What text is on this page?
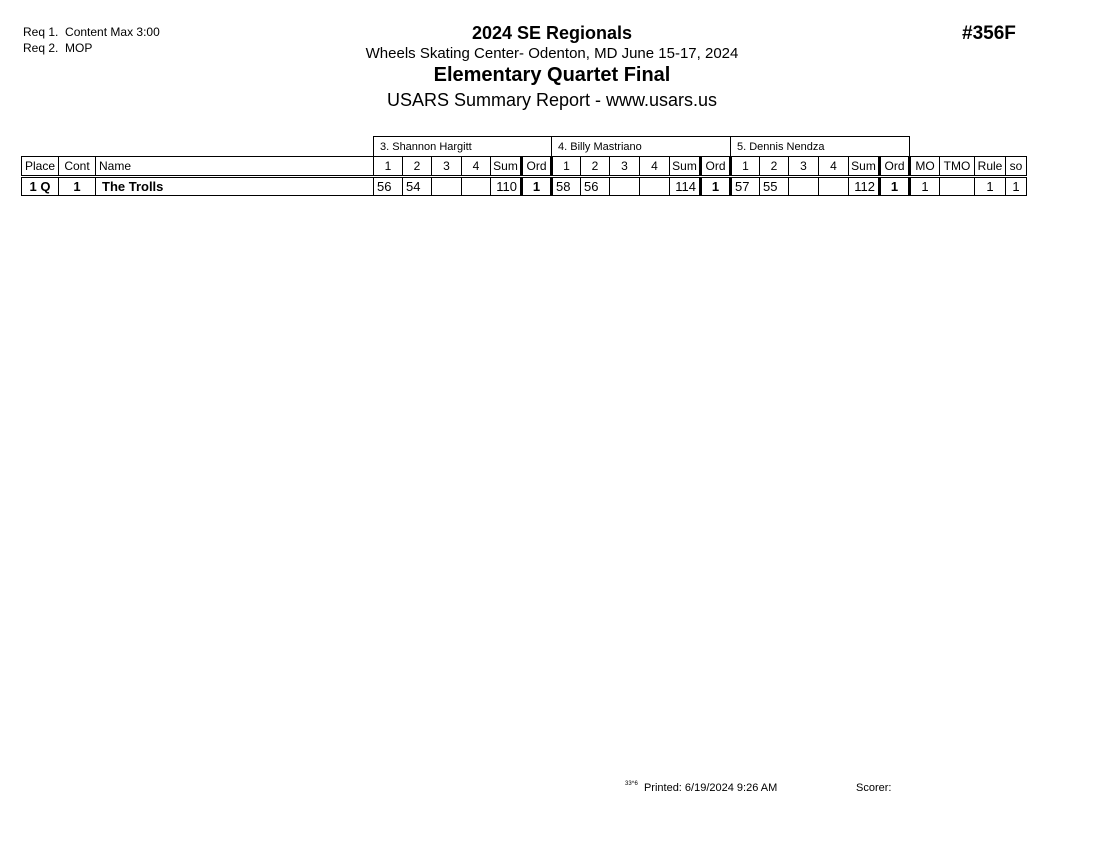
Req 1. Content Max 3:00
Req 2. MOP
2024 SE Regionals
Wheels Skating Center- Odenton, MD June 15-17, 2024
Elementary Quartet Final
USARS Summary Report - www.usars.us
#356F
			3. Shannon Hargitt						4. Billy Mastriano						5. Dennis Nendza									
Place	Cont	Name	1	2	3	4	Sum	Ord	1	2	3	4	Sum	Ord	1	2	3	4	Sum	Ord	MO	TMO	Rule	so
1 Q	1	The Trolls	56	54			110	1	58	56			114	1	57	55			112	1	1		1	1
$^{33\^{}6}$ Printed: 6/19/2024 9:26 AM	Scorer:
